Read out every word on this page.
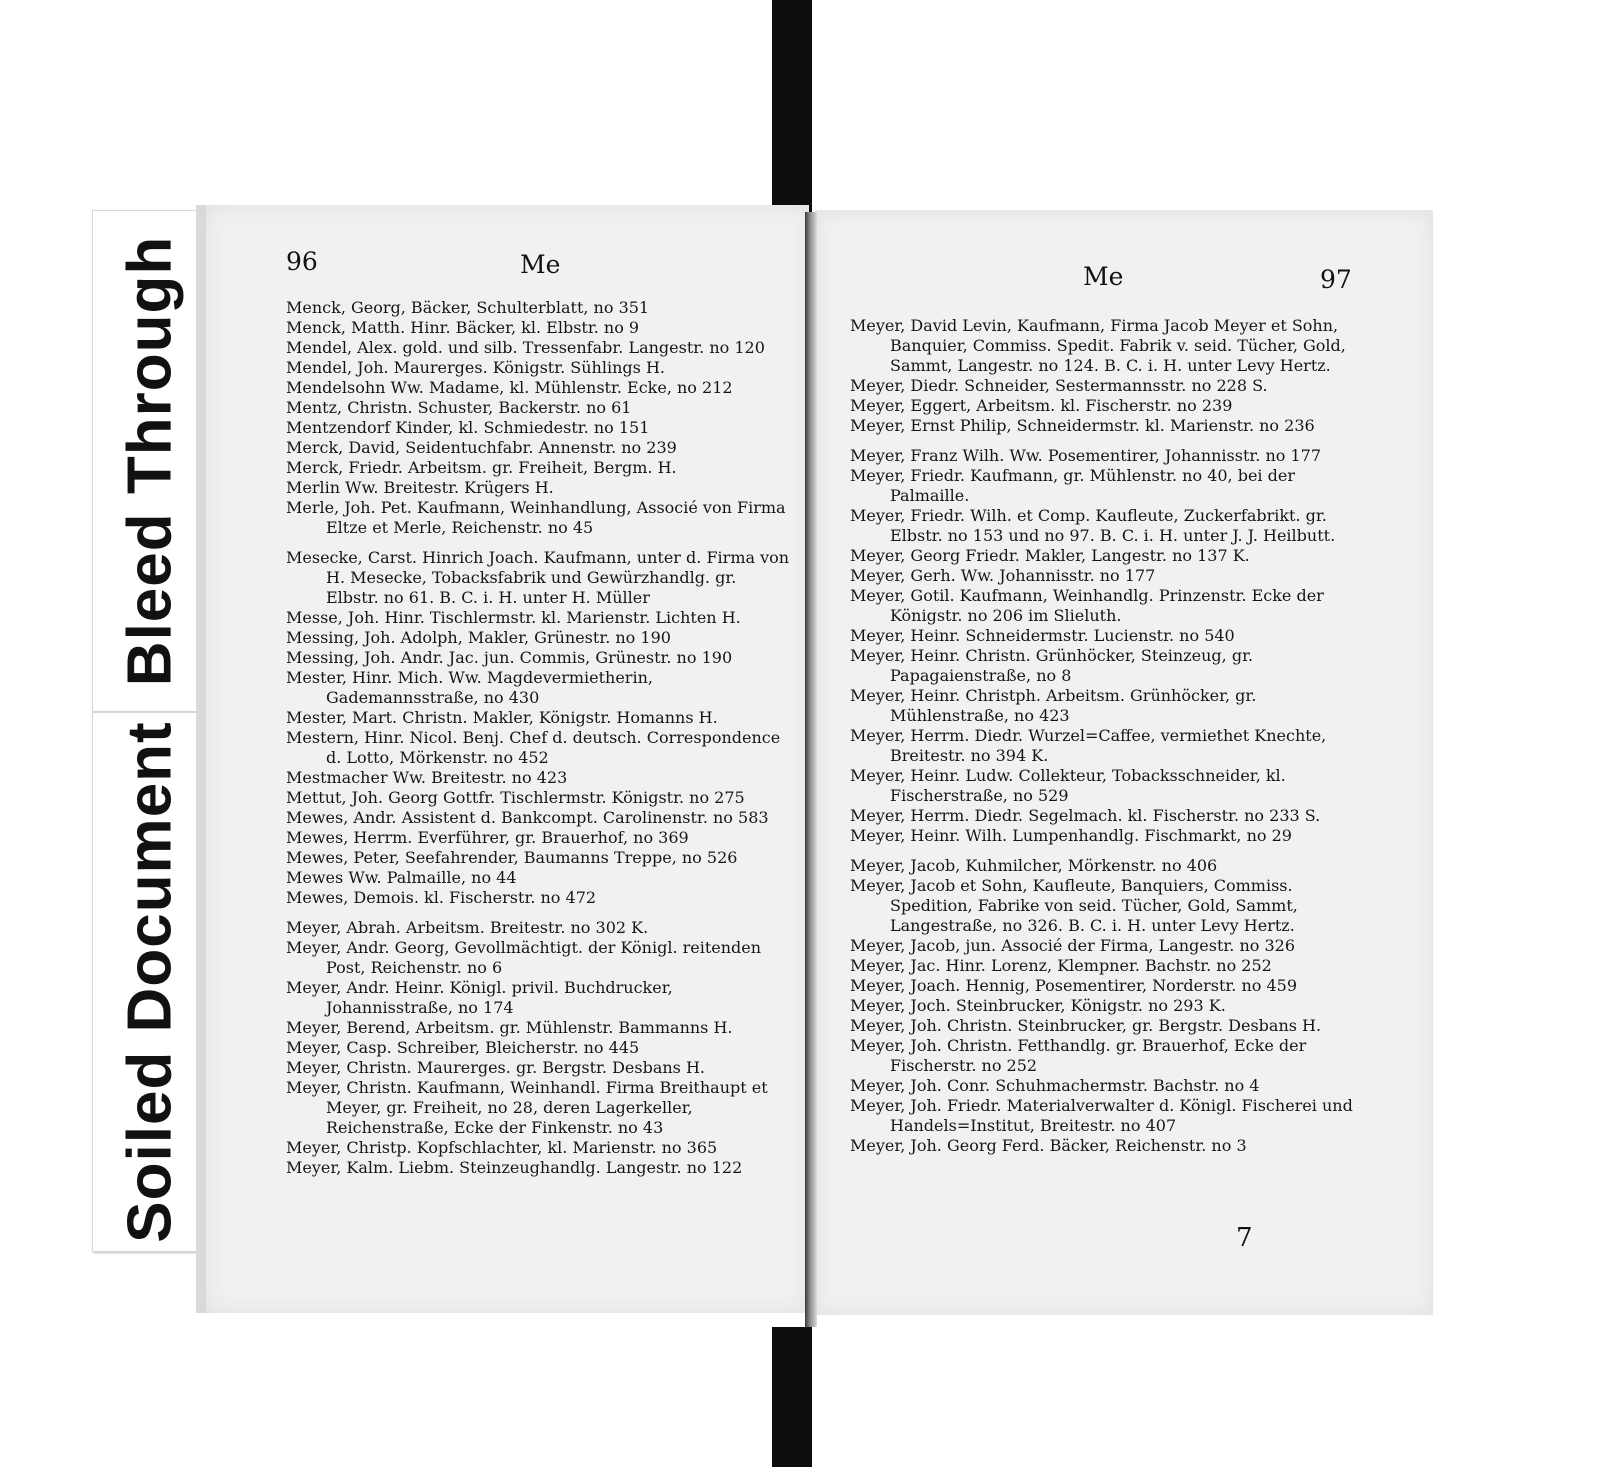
Bleed Through
Soiled Document
96	Me	Me	97
Menck, Georg, Bäcker, Schulterblatt, no 351
Menck, Matth. Hinr. Bäcker, kl. Elbstr. no 9
Mendel, Alex. gold. und silb. Tressenfabr. Langestr. no 120
Mendel, Joh. Maurerges. Königstr. Sühlings H.
Mendelsohn Ww. Madame, kl. Mühlenstr. Ecke, no 212
Mentz, Christn. Schuster, Backerstr. no 61
Mentzendorf Kinder, kl. Schmiedestr. no 151
Merck, David, Seidentuchfabr. Annenstr. no 239
Merck, Friedr. Arbeitsm. gr. Freiheit, Bergm. H.
Merlin Ww. Breitestr. Krügers H.
Merle, Joh. Pet. Kaufmann, Weinhandlung, Associé von Firma Eltze et Merle, Reichenstr. no 45
Mesecke, Carst. Hinrich Joach. Kaufmann, unter d. Firma von H. Mesecke, Tobacksfabrik und Gewürzhandlg. gr. Elbstr. no 61. B. C. i. H. unter H. Müller
Messe, Joh. Hinr. Tischlermstr. kl. Marienstr. Lichten H.
Messing, Joh. Adolph, Makler, Grünestr. no 190
Messing, Joh. Andr. Jac. jun. Commis, Grünestr. no 190
Mester, Hinr. Mich. Ww. Magdevermietherin, Gademannsstraße, no 430
Mester, Mart. Christn. Makler, Königstr. Homanns H.
Mestern, Hinr. Nicol. Benj. Chef d. deutsch. Correspondence d. Lotto, Mörkenstr. no 452
Mestmacher Ww. Breitestr. no 423
Mettut, Joh. Georg Gottfr. Tischlermstr. Königstr. no 275
Mewes, Andr. Assistent d. Bankcompt. Carolinenstr. no 583
Mewes, Herrm. Everführer, gr. Brauerhof, no 369
Mewes, Peter, Seefahrender, Baumanns Treppe, no 526
Mewes Ww. Palmaille, no 44
Mewes, Demois. kl. Fischerstr. no 472
Meyer, Abrah. Arbeitsm. Breitestr. no 302 K.
Meyer, Andr. Georg, Gevollmächtigt. der Königl. reitenden Post, Reichenstr. no 6
Meyer, Andr. Heinr. Königl. privil. Buchdrucker, Johannisstraße, no 174
Meyer, Berend, Arbeitsm. gr. Mühlenstr. Bammanns H.
Meyer, Casp. Schreiber, Bleicherstr. no 445
Meyer, Christn. Maurerges. gr. Bergstr. Desbans H.
Meyer, Christn. Kaufmann, Weinhandl. Firma Breithaupt et Meyer, gr. Freiheit, no 28, deren Lagerkeller, Reichenstraße, Ecke der Finkenstr. no 43
Meyer, Christp. Kopfschlachter, kl. Marienstr. no 365
Meyer, Kalm. Liebm. Steinzeughandlg. Langestr. no 122
Meyer, David Levin, Kaufmann, Firma Jacob Meyer et Sohn, Banquier, Commiss. Spedit. Fabrik v. seid. Tücher, Gold, Sammt, Langestr. no 124. B. C. i. H. unter Levy Hertz.
Meyer, Diedr. Schneider, Sestermannsstr. no 228 S.
Meyer, Eggert, Arbeitsm. kl. Fischerstr. no 239
Meyer, Ernst Philip, Schneidermstr. kl. Marienstr. no 236
Meyer, Franz Wilh. Ww. Posementirer, Johannisstr. no 177
Meyer, Friedr. Kaufmann, gr. Mühlenstr. no 40, bei der Palmaille.
Meyer, Friedr. Wilh. et Comp. Kaufleute, Zuckerfabrikt. gr. Elbstr. no 153 und no 97. B. C. i. H. unter J. J. Heilbutt.
Meyer, Georg Friedr. Makler, Langestr. no 137 K.
Meyer, Gerh. Ww. Johannisstr. no 177
Meyer, Gotil. Kaufmann, Weinhandlg. Prinzenstr. Ecke der Königstr. no 206 im Slieluth.
Meyer, Heinr. Schneidermstr. Lucienstr. no 540
Meyer, Heinr. Christn. Grünhöcker, Steinzeug, gr. Papagaienstraße, no 8
Meyer, Heinr. Christph. Arbeitsm. Grünhöcker, gr. Mühlenstraße, no 423
Meyer, Herrm. Diedr. Wurzel=Caffee, vermiethet Knechte, Breitestr. no 394 K.
Meyer, Heinr. Ludw. Collekteur, Tobacksschneider, kl. Fischerstraße, no 529
Meyer, Herrm. Diedr. Segelmach. kl. Fischerstr. no 233 S.
Meyer, Heinr. Wilh. Lumpenhandlg. Fischmarkt, no 29
Meyer, Jacob, Kuhmilcher, Mörkenstr. no 406
Meyer, Jacob et Sohn, Kaufleute, Banquiers, Commiss. Spedition, Fabrike von seid. Tücher, Gold, Sammt, Langestraße, no 326. B. C. i. H. unter Levy Hertz.
Meyer, Jacob, jun. Associé der Firma, Langestr. no 326
Meyer, Jac. Hinr. Lorenz, Klempner. Bachstr. no 252
Meyer, Joach. Hennig, Posementirer, Norderstr. no 459
Meyer, Joch. Steinbrucker, Königstr. no 293 K.
Meyer, Joh. Christn. Steinbrucker, gr. Bergstr. Desbans H.
Meyer, Joh. Christn. Fetthandlg. gr. Brauerhof, Ecke der Fischerstr. no 252
Meyer, Joh. Conr. Schuhmachermstr. Bachstr. no 4
Meyer, Joh. Friedr. Materialverwalter d. Königl. Fischerei und Handels=Institut, Breitestr. no 407
Meyer, Joh. Georg Ferd. Bäcker, Reichenstr. no 3
7
